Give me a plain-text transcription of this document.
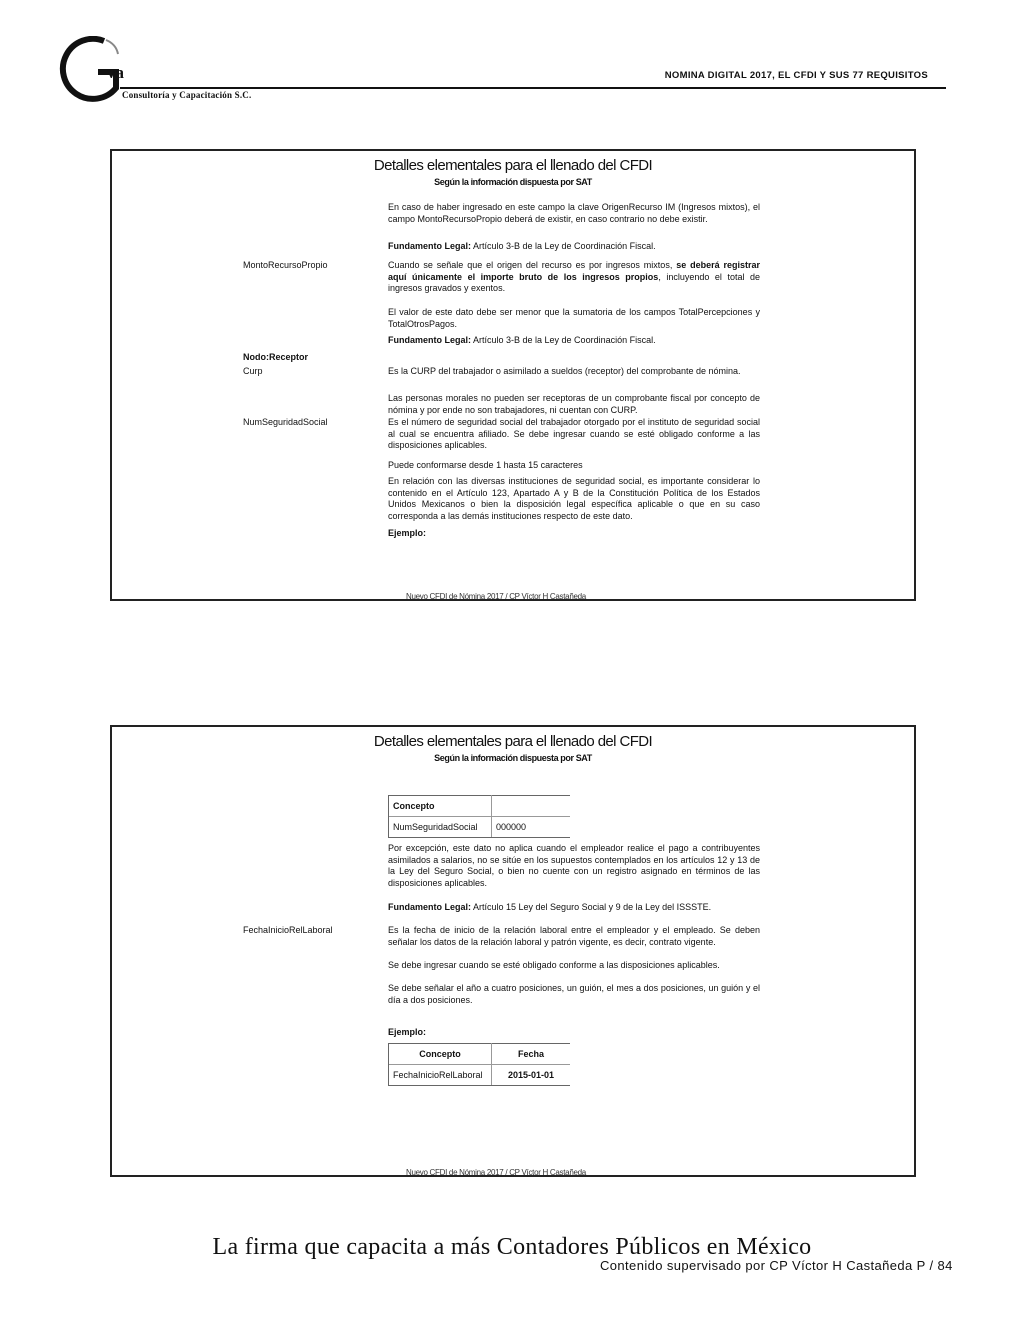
va
Consultoría y Capacitación S.C.
NOMINA DIGITAL 2017, EL CFDI Y SUS 77 REQUISITOS
Detalles elementales para el llenado del CFDI
Según la información dispuesta por SAT
En caso de haber ingresado en este campo la clave OrigenRecurso IM (Ingresos mixtos), el campo MontoRecursoPropio deberá de existir, en caso contrario no debe existir.
Fundamento Legal: Artículo 3-B de la Ley de Coordinación Fiscal.
MontoRecursoPropio	Cuando se señale que el origen del recurso es por ingresos mixtos, se deberá registrar aquí únicamente el importe bruto de los ingresos propios, incluyendo el total de ingresos gravados y exentos.
El valor de este dato debe ser menor que la sumatoria de los campos TotalPercepciones y TotalOtrosPagos.
Fundamento Legal: Artículo 3-B de la Ley de Coordinación Fiscal.
Nodo:Receptor
Curp	Es la CURP del trabajador o asimilado a sueldos (receptor) del comprobante de nómina.
Las personas morales no pueden ser receptoras de un comprobante fiscal por concepto de nómina y por ende no son trabajadores, ni cuentan con CURP.
NumSeguridadSocial	Es el número de seguridad social del trabajador otorgado por el instituto de seguridad social al cual se encuentra afiliado. Se debe ingresar cuando se esté obligado conforme a las disposiciones aplicables.
Puede conformarse desde 1 hasta 15 caracteres
En relación con las diversas instituciones de seguridad social, es importante considerar lo contenido en el Artículo 123, Apartado A y B de la Constitución Política de los Estados Unidos Mexicanos o bien la disposición legal específica aplicable o que en su caso corresponda a las demás instituciones respecto de este dato.
Ejemplo:
Nuevo CFDI de Nómina 2017 / CP Víctor H Castañeda
Detalles elementales para el llenado del CFDI
Según la información dispuesta por SAT
Concepto	
NumSeguridadSocial	000000
Por excepción, este dato no aplica cuando el empleador realice el pago a contribuyentes asimilados a salarios, no se sitúe en los supuestos contemplados en los artículos 12 y 13 de la Ley del Seguro Social, o bien no cuente con un registro asignado en términos de las disposiciones aplicables.
Fundamento Legal: Artículo 15 Ley del Seguro Social y 9 de la Ley del ISSSTE.
FechaInicioRelLaboral	Es la fecha de inicio de la relación laboral entre el empleador y el empleado. Se deben señalar los datos de la relación laboral y patrón vigente, es decir, contrato vigente.
Se debe ingresar cuando se esté obligado conforme a las disposiciones aplicables.
Se debe señalar el año a cuatro posiciones, un guión, el mes a dos posiciones, un guión y el día a dos posiciones.
Ejemplo:
Concepto	Fecha
FechaInicioRelLaboral	2015-01-01
Nuevo CFDI de Nómina 2017 / CP Víctor H Castañeda
La firma que capacita a más Contadores Públicos en México
Contenido supervisado por CP Víctor H Castañeda P / 84
